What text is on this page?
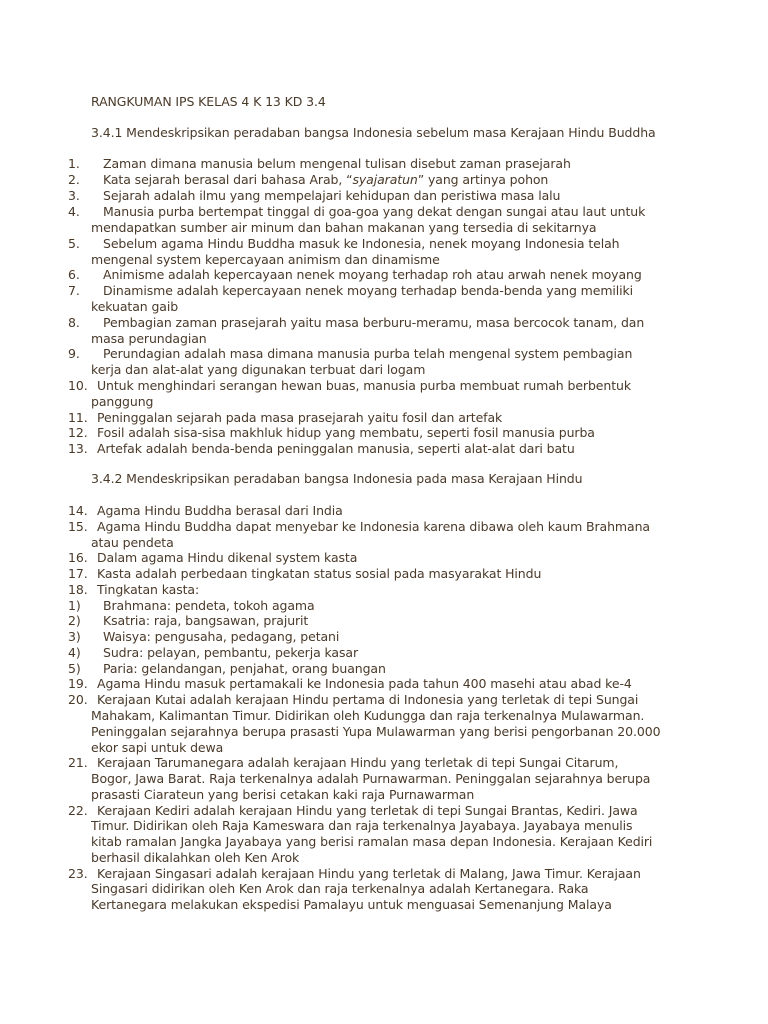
RANGKUMAN IPS KELAS 4 K 13 KD 3.4
3.4.1 Mendeskripsikan peradaban bangsa Indonesia sebelum masa Kerajaan Hindu Buddha
3.4.2 Mendeskripsikan peradaban bangsa Indonesia pada masa Kerajaan Hindu
1. Zaman dimana manusia belum mengenal tulisan disebut zaman prasejarah
2. Kata sejarah berasal dari bahasa Arab, “syajaratun” yang artinya pohon
3. Sejarah adalah ilmu yang mempelajari kehidupan dan peristiwa masa lalu
4. Manusia purba bertempat tinggal di goa-goa yang dekat dengan sungai atau laut untuk
mendapatkan sumber air minum dan bahan makanan yang tersedia di sekitarnya
5. Sebelum agama Hindu Buddha masuk ke Indonesia, nenek moyang Indonesia telah
mengenal system kepercayaan animism dan dinamisme
6. Animisme adalah kepercayaan nenek moyang terhadap roh atau arwah nenek moyang
7. Dinamisme adalah kepercayaan nenek moyang terhadap benda-benda yang memiliki
kekuatan gaib
8. Pembagian zaman prasejarah yaitu masa berburu-meramu, masa bercocok tanam, dan
masa perundagian
9. Perundagian adalah masa dimana manusia purba telah mengenal system pembagian
kerja dan alat-alat yang digunakan terbuat dari logam
10. Untuk menghindari serangan hewan buas, manusia purba membuat rumah berbentuk
panggung
11. Peninggalan sejarah pada masa prasejarah yaitu fosil dan artefak
12. Fosil adalah sisa-sisa makhluk hidup yang membatu, seperti fosil manusia purba
13. Artefak adalah benda-benda peninggalan manusia, seperti alat-alat dari batu
14. Agama Hindu Buddha berasal dari India
15. Agama Hindu Buddha dapat menyebar ke Indonesia karena dibawa oleh kaum Brahmana
atau pendeta
16. Dalam agama Hindu dikenal system kasta
17. Kasta adalah perbedaan tingkatan status sosial pada masyarakat Hindu
18. Tingkatan kasta:
1) Brahmana: pendeta, tokoh agama
2) Ksatria: raja, bangsawan, prajurit
3) Waisya: pengusaha, pedagang, petani
4) Sudra: pelayan, pembantu, pekerja kasar
5) Paria: gelandangan, penjahat, orang buangan
19. Agama Hindu masuk pertamakali ke Indonesia pada tahun 400 masehi atau abad ke-4
20. Kerajaan Kutai adalah kerajaan Hindu pertama di Indonesia yang terletak di tepi Sungai
Mahakam, Kalimantan Timur. Didirikan oleh Kudungga dan raja terkenalnya Mulawarman.
Peninggalan sejarahnya berupa prasasti Yupa Mulawarman yang berisi pengorbanan 20.000
ekor sapi untuk dewa
21. Kerajaan Tarumanegara adalah kerajaan Hindu yang terletak di tepi Sungai Citarum,
Bogor, Jawa Barat. Raja terkenalnya adalah Purnawarman. Peninggalan sejarahnya berupa
prasasti Ciarateun yang berisi cetakan kaki raja Purnawarman
22. Kerajaan Kediri adalah kerajaan Hindu yang terletak di tepi Sungai Brantas, Kediri. Jawa
Timur. Didirikan oleh Raja Kameswara dan raja terkenalnya Jayabaya. Jayabaya menulis
kitab ramalan Jangka Jayabaya yang berisi ramalan masa depan Indonesia. Kerajaan Kediri
berhasil dikalahkan oleh Ken Arok
23. Kerajaan Singasari adalah kerajaan Hindu yang terletak di Malang, Jawa Timur. Kerajaan
Singasari didirikan oleh Ken Arok dan raja terkenalnya adalah Kertanegara. Raka
Kertanegara melakukan ekspedisi Pamalayu untuk menguasai Semenanjung Malaya
